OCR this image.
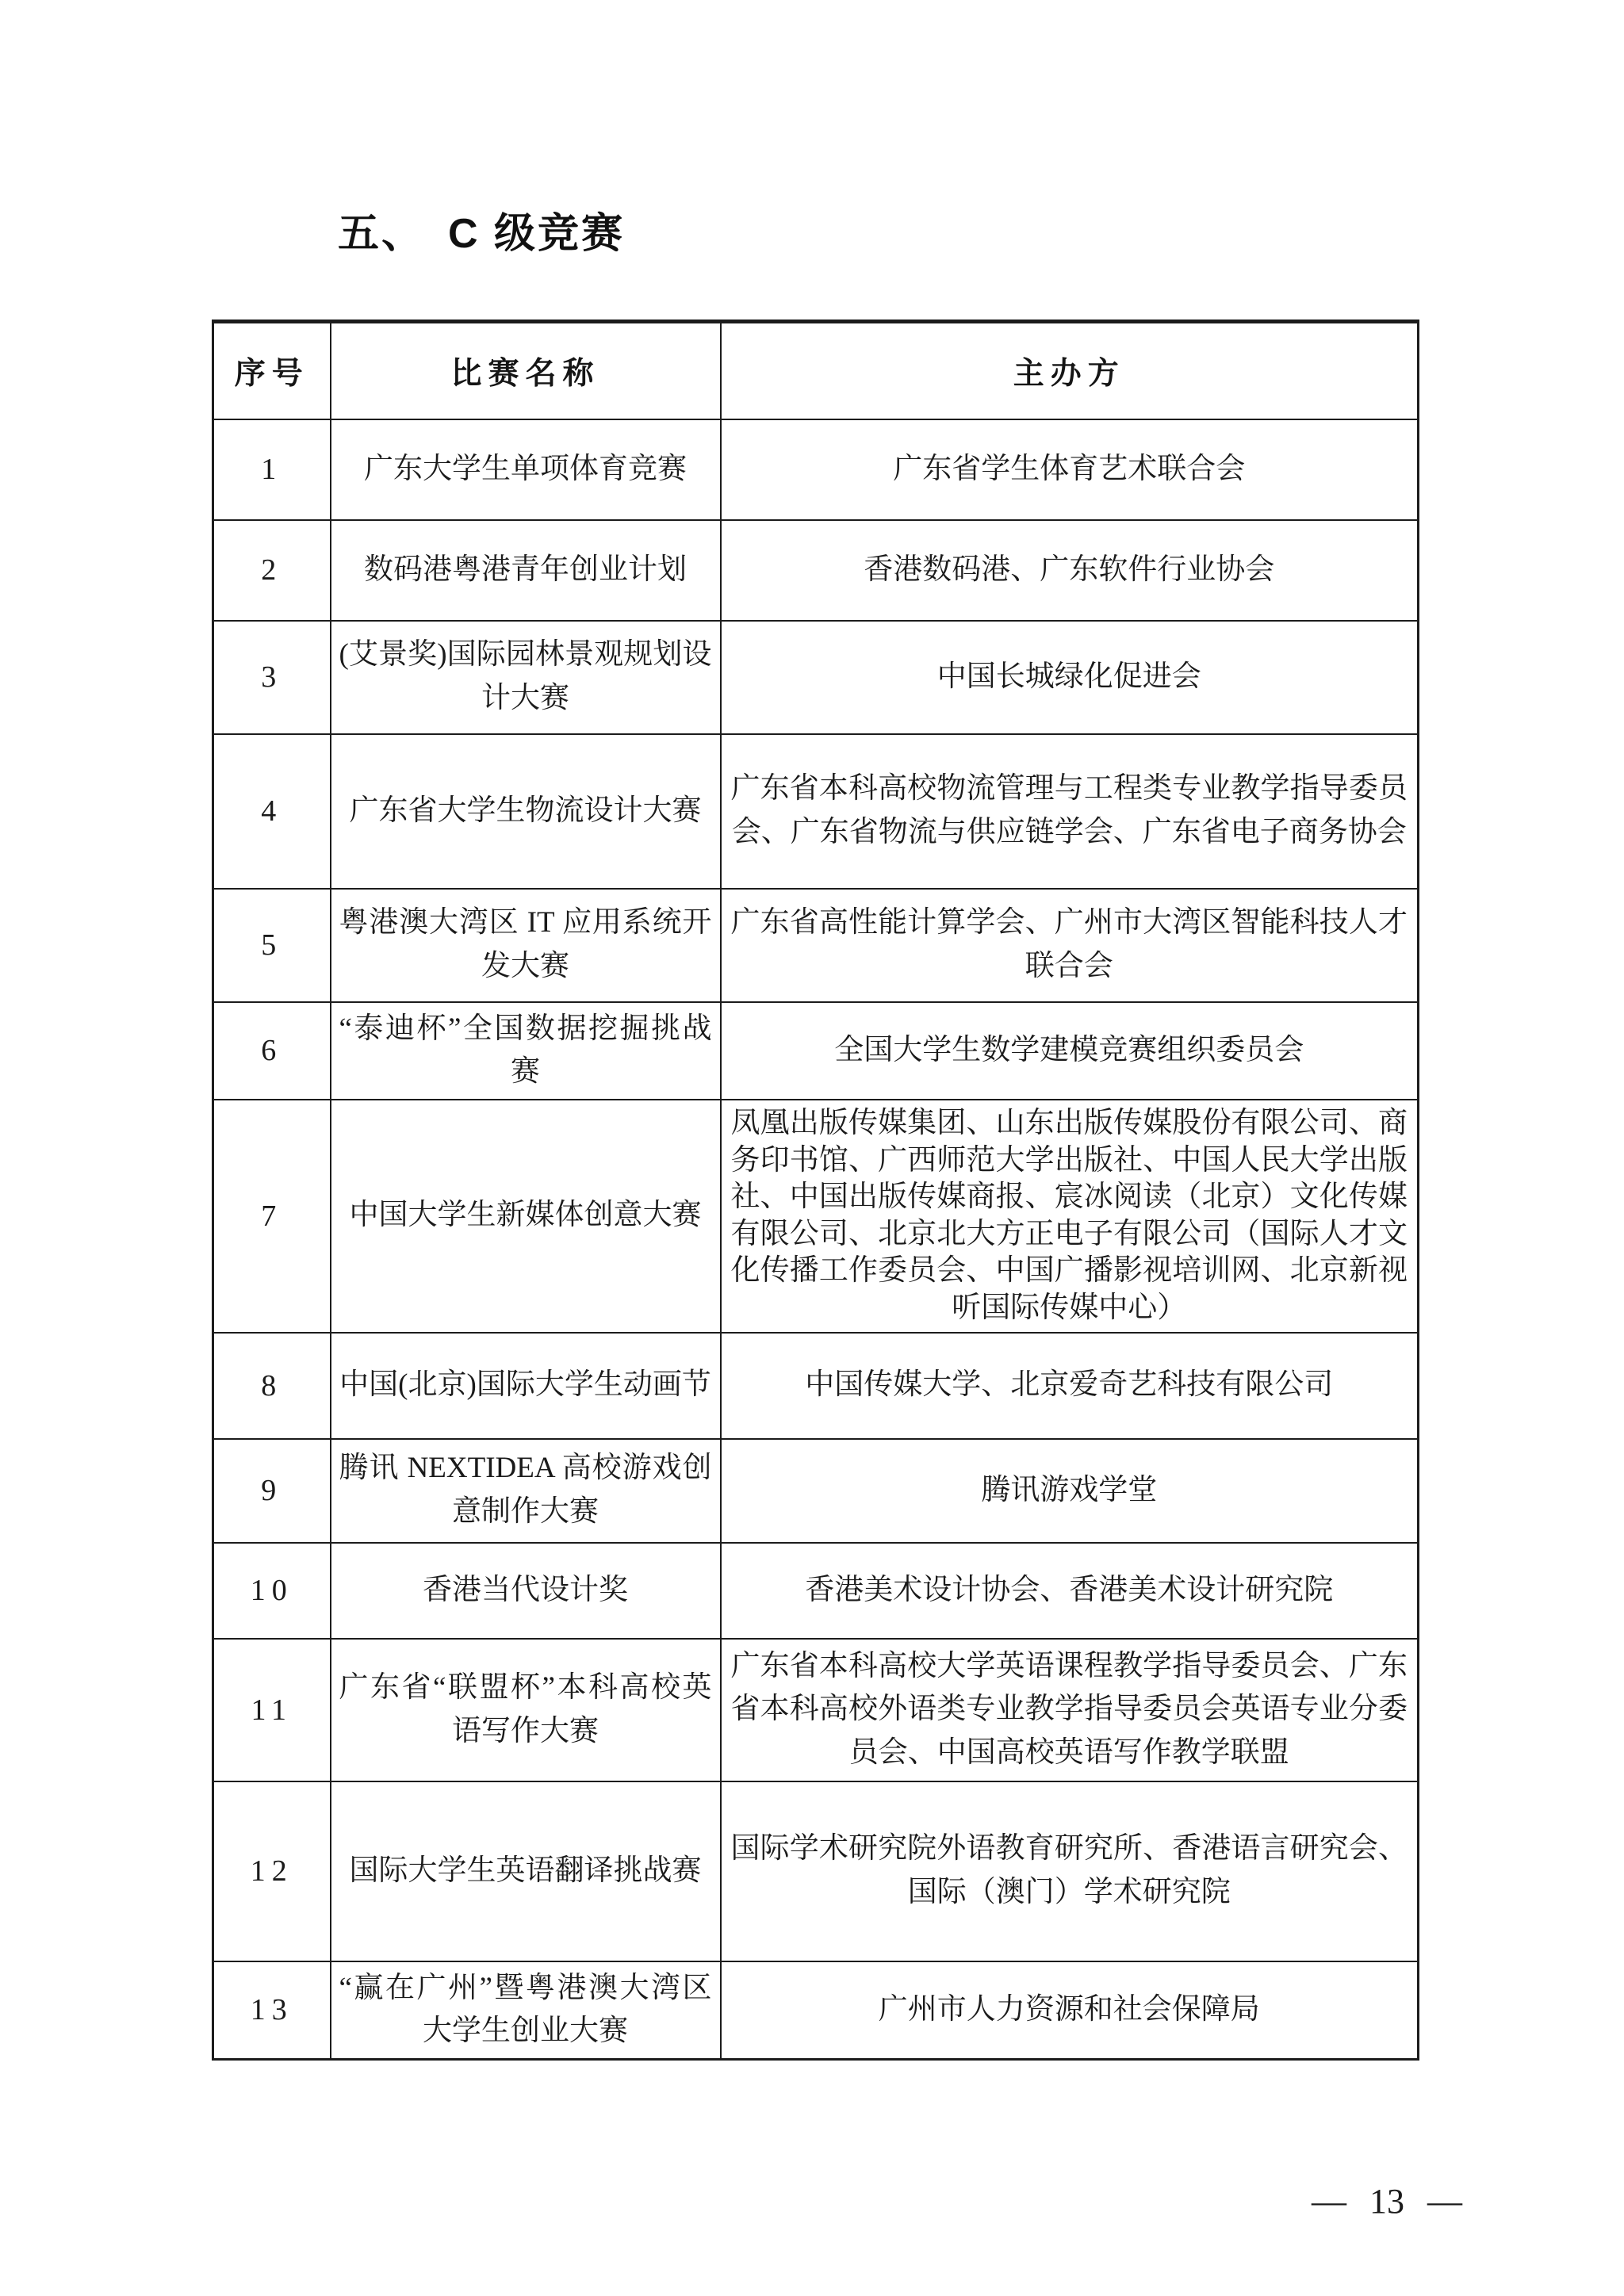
五、　C 级竞赛
序号	比赛名称	主办方
1	广东大学生单项体育竞赛	广东省学生体育艺术联合会
2	数码港粤港青年创业计划	香港数码港、广东软件行业协会
3	(艾景奖)国际园林景观规划设计大赛	中国长城绿化促进会
4	广东省大学生物流设计大赛	广东省本科高校物流管理与工程类专业教学指导委员会、广东省物流与供应链学会、广东省电子商务协会
5	粤港澳大湾区 IT 应用系统开发大赛	广东省高性能计算学会、广州市大湾区智能科技人才联合会
6	“泰迪杯”全国数据挖掘挑战赛	全国大学生数学建模竞赛组织委员会
7	中国大学生新媒体创意大赛	凤凰出版传媒集团、山东出版传媒股份有限公司、商务印书馆、广西师范大学出版社、中国人民大学出版社、中国出版传媒商报、宸冰阅读（北京）文化传媒有限公司、北京北大方正电子有限公司（国际人才文化传播工作委员会、中国广播影视培训网、北京新视听国际传媒中心）
8	中国(北京)国际大学生动画节	中国传媒大学、北京爱奇艺科技有限公司
9	腾讯 NEXTIDEA 高校游戏创意制作大赛	腾讯游戏学堂
10	香港当代设计奖	香港美术设计协会、香港美术设计研究院
11	广东省“联盟杯”本科高校英语写作大赛	广东省本科高校大学英语课程教学指导委员会、广东省本科高校外语类专业教学指导委员会英语专业分委员会、中国高校英语写作教学联盟
12	国际大学生英语翻译挑战赛	国际学术研究院外语教育研究所、香港语言研究会、国际（澳门）学术研究院
13	“赢在广州”暨粤港澳大湾区大学生创业大赛	广州市人力资源和社会保障局

— 13 —
